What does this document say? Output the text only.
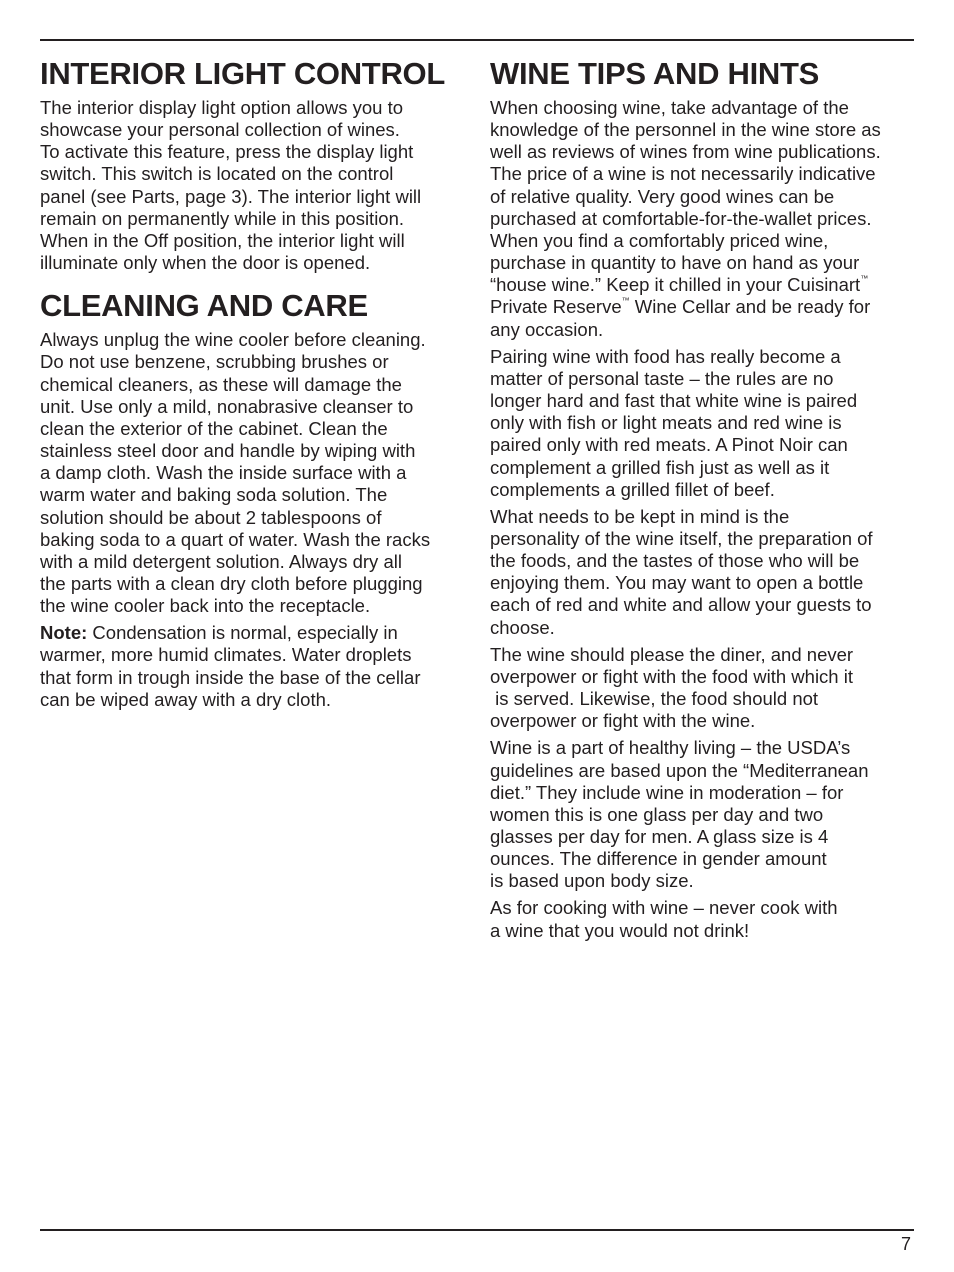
INTERIOR LIGHT CONTROL

The interior display light option allows you to
showcase your personal collection of wines.
To activate this feature, press the display light
switch. This switch is located on the control
panel (see Parts, page 3). The interior light will
remain on permanently while in this position.
When in the Off position, the interior light will
illuminate only when the door is opened.

CLEANING AND CARE

Always unplug the wine cooler before cleaning.
Do not use benzene, scrubbing brushes or
chemical cleaners, as these will damage the
unit. Use only a mild, nonabrasive cleanser to
clean the exterior of the cabinet. Clean the
stainless steel door and handle by wiping with
a damp cloth. Wash the inside surface with a
warm water and baking soda solution. The
solution should be about 2 tablespoons of
baking soda to a quart of water. Wash the racks
with a mild detergent solution. Always dry all
the parts with a clean dry cloth before plugging
the wine cooler back into the receptacle.

Note: Condensation is normal, especially in
warmer, more humid climates. Water droplets
that form in trough inside the base of the cellar
can be wiped away with a dry cloth.

WINE TIPS AND HINTS

When choosing wine, take advantage of the
knowledge of the personnel in the wine store as
well as reviews of wines from wine publications.
The price of a wine is not necessarily indicative
of relative quality. Very good wines can be
purchased at comfortable-for-the-wallet prices.
When you find a comfortably priced wine,
purchase in quantity to have on hand as your
“house wine.” Keep it chilled in your Cuisinart™
Private Reserve™ Wine Cellar and be ready for
any occasion.

Pairing wine with food has really become a
matter of personal taste – the rules are no
longer hard and fast that white wine is paired
only with fish or light meats and red wine is
paired only with red meats. A Pinot Noir can
complement a grilled fish just as well as it
complements a grilled fillet of beef.

What needs to be kept in mind is the
personality of the wine itself, the preparation of
the foods, and the tastes of those who will be
enjoying them. You may want to open a bottle
each of red and white and allow your guests to
choose.

The wine should please the diner, and never
overpower or fight with the food with which it
is served. Likewise, the food should not
overpower or fight with the wine.

Wine is a part of healthy living – the USDA’s
guidelines are based upon the “Mediterranean
diet.” They include wine in moderation – for
women this is one glass per day and two
glasses per day for men. A glass size is 4
ounces. The difference in gender amount
is based upon body size.

As for cooking with wine – never cook with
a wine that you would not drink!

7
